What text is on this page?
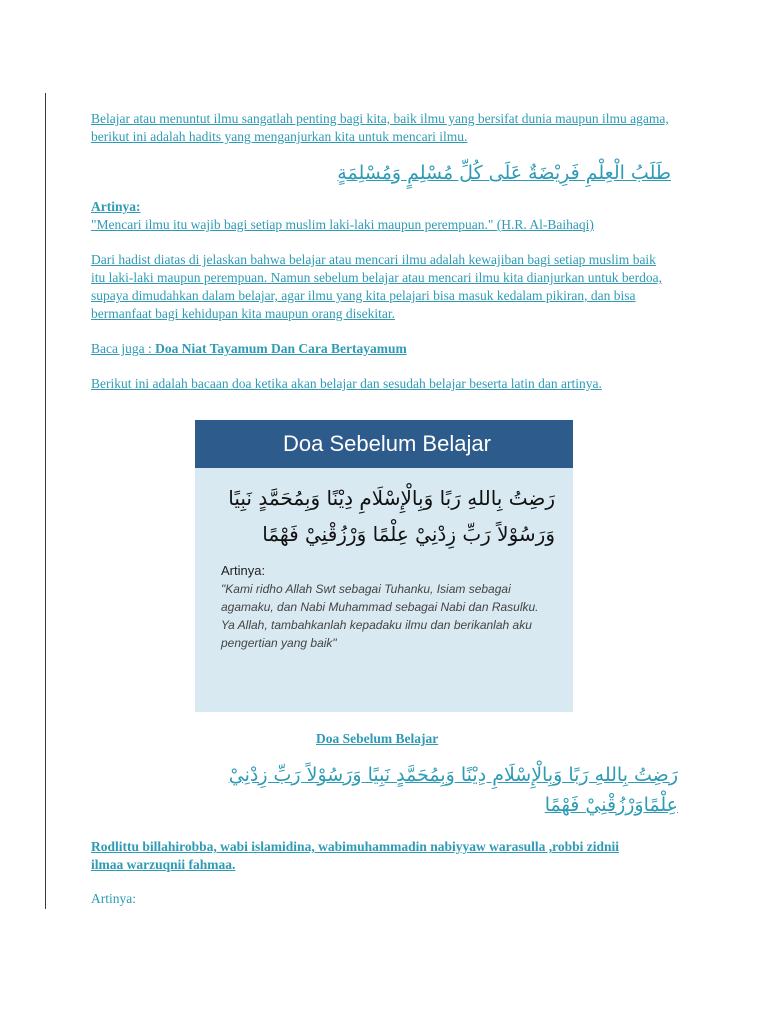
Belajar atau menuntut ilmu sangatlah penting bagi kita, baik ilmu yang bersifat dunia maupun ilmu agama, berikut ini adalah hadits yang menganjurkan kita untuk mencari ilmu.

طَلَبُ الْعِلْمِ فَرِيْضَةٌ عَلَى كُلِّ مُسْلِمٍ وَمُسْلِمَةٍ

Artinya:

"Mencari ilmu itu wajib bagi setiap muslim laki-laki maupun perempuan." (H.R. Al-Baihaqi)

Dari hadist diatas di jelaskan bahwa belajar atau mencari ilmu adalah kewajiban bagi setiap muslim baik itu laki-laki maupun perempuan. Namun sebelum belajar atau mencari ilmu kita dianjurkan untuk berdoa, supaya dimudahkan dalam belajar, agar ilmu yang kita pelajari bisa masuk kedalam pikiran, dan bisa bermanfaat bagi kehidupan kita maupun orang disekitar.

Baca juga : Doa Niat Tayamum Dan Cara Bertayamum

Berikut ini adalah bacaan doa ketika akan belajar dan sesudah belajar beserta latin dan artinya.

Doa Sebelum Belajar
رَضِتُ بِاللهِ رَبًا وَبِالْإِسْلَامِ دِيْنًا وَبِمُحَمَّدٍ نَبِيًا
وَرَسُوْلاً رَبِّ زِدْنِيْ عِلْمًا وَرْزُقْنِيْ فَهْمًا
Artinya:
"Kami ridho Allah Swt sebagai Tuhanku, Isiam sebagai agamaku, dan Nabi Muhammad sebagai Nabi dan Rasulku. Ya Allah, tambahkanlah kepadaku ilmu dan berikanlah aku pengertian yang baik"
Doa Sebelum Belajar
رَضِتُ بِاللهِ رَبًا وَبِالْإِسْلَامِ دِيْنًا وَبِمُحَمَّدٍ نَبِيًا وَرَسُوْلاً رَبِّ زِدْنِيْ عِلْمًاوَرْزُقْنِيْ فَهْمًا
Rodlittu billahirobba, wabi islamidina, wabimuhammadin nabiyyaw warasulla ,robbi zidnii ilmaa warzuqnii fahmaa.
Artinya:
